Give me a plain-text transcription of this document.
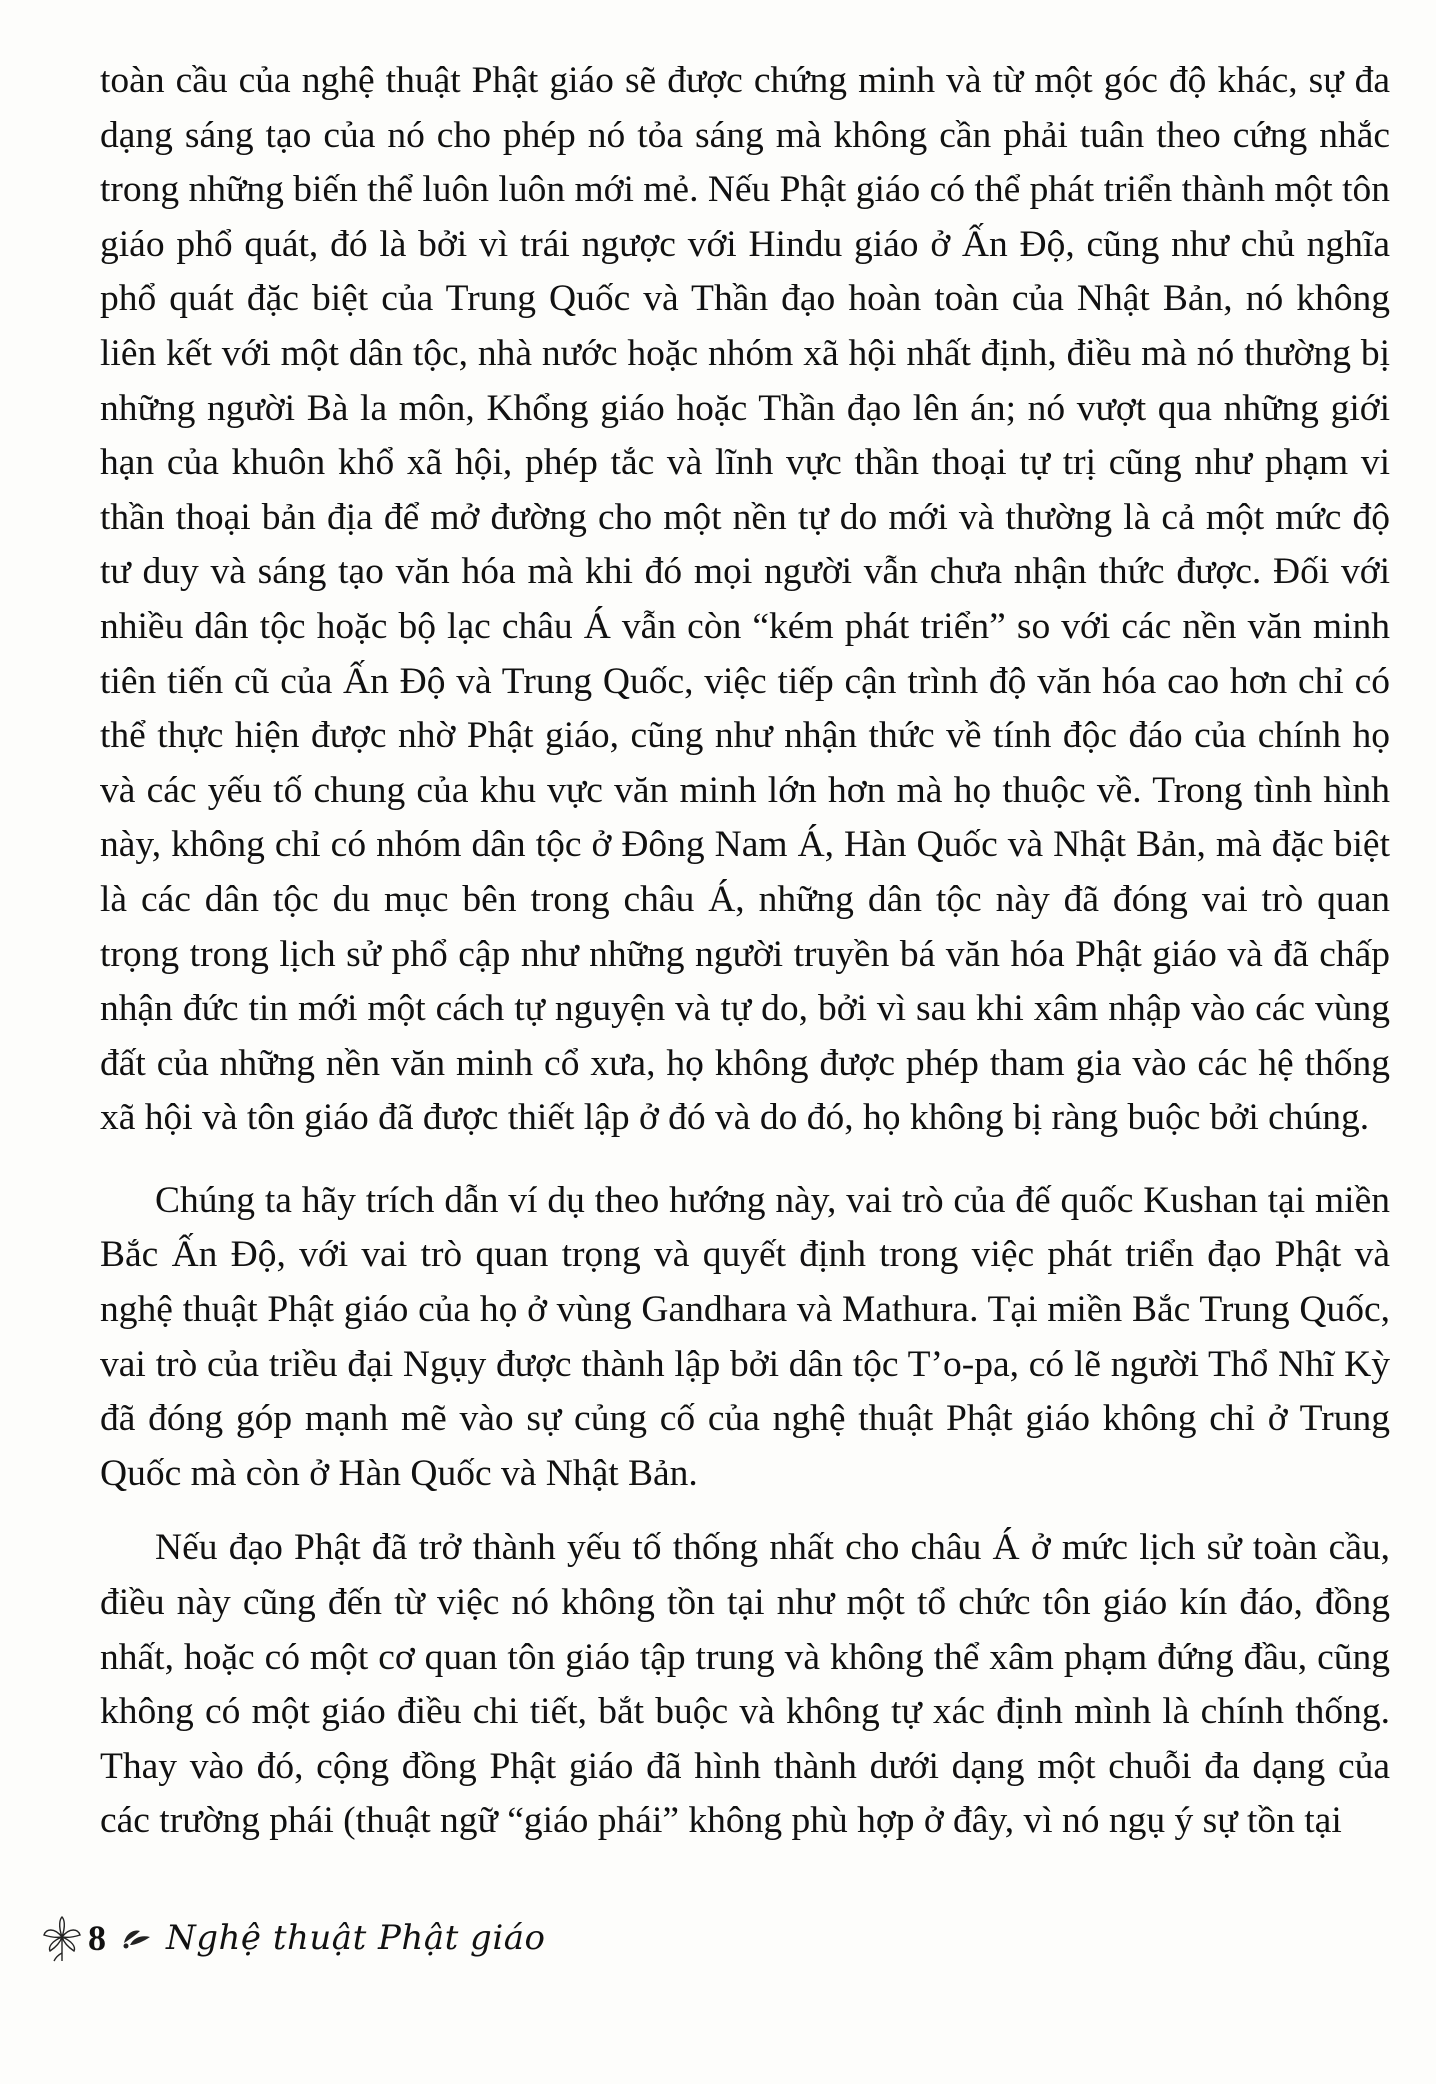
toàn cầu của nghệ thuật Phật giáo sẽ được chứng minh và từ một góc độ khác, sự đa dạng sáng tạo của nó cho phép nó tỏa sáng mà không cần phải tuân theo cứng nhắc trong những biến thể luôn luôn mới mẻ. Nếu Phật giáo có thể phát triển thành một tôn giáo phổ quát, đó là bởi vì trái ngược với Hindu giáo ở Ấn Độ, cũng như chủ nghĩa phổ quát đặc biệt của Trung Quốc và Thần đạo hoàn toàn của Nhật Bản, nó không liên kết với một dân tộc, nhà nước hoặc nhóm xã hội nhất định, điều mà nó thường bị những người Bà la môn, Khổng giáo hoặc Thần đạo lên án; nó vượt qua những giới hạn của khuôn khổ xã hội, phép tắc và lĩnh vực thần thoại tự trị cũng như phạm vi thần thoại bản địa để mở đường cho một nền tự do mới và thường là cả một mức độ tư duy và sáng tạo văn hóa mà khi đó mọi người vẫn chưa nhận thức được. Đối với nhiều dân tộc hoặc bộ lạc châu Á vẫn còn “kém phát triển” so với các nền văn minh tiên tiến cũ của Ấn Độ và Trung Quốc, việc tiếp cận trình độ văn hóa cao hơn chỉ có thể thực hiện được nhờ Phật giáo, cũng như nhận thức về tính độc đáo của chính họ và các yếu tố chung của khu vực văn minh lớn hơn mà họ thuộc về. Trong tình hình này, không chỉ có nhóm dân tộc ở Đông Nam Á, Hàn Quốc và Nhật Bản, mà đặc biệt là các dân tộc du mục bên trong châu Á, những dân tộc này đã đóng vai trò quan trọng trong lịch sử phổ cập như những người truyền bá văn hóa Phật giáo và đã chấp nhận đức tin mới một cách tự nguyện và tự do, bởi vì sau khi xâm nhập vào các vùng đất của những nền văn minh cổ xưa, họ không được phép tham gia vào các hệ thống xã hội và tôn giáo đã được thiết lập ở đó và do đó, họ không bị ràng buộc bởi chúng.

Chúng ta hãy trích dẫn ví dụ theo hướng này, vai trò của đế quốc Kushan tại miền Bắc Ấn Độ, với vai trò quan trọng và quyết định trong việc phát triển đạo Phật và nghệ thuật Phật giáo của họ ở vùng Gandhara và Mathura. Tại miền Bắc Trung Quốc, vai trò của triều đại Ngụy được thành lập bởi dân tộc T’o-pa, có lẽ người Thổ Nhĩ Kỳ đã đóng góp mạnh mẽ vào sự củng cố của nghệ thuật Phật giáo không chỉ ở Trung Quốc mà còn ở Hàn Quốc và Nhật Bản.

Nếu đạo Phật đã trở thành yếu tố thống nhất cho châu Á ở mức lịch sử toàn cầu, điều này cũng đến từ việc nó không tồn tại như một tổ chức tôn giáo kín đáo, đồng nhất, hoặc có một cơ quan tôn giáo tập trung và không thể xâm phạm đứng đầu, cũng không có một giáo điều chi tiết, bắt buộc và không tự xác định mình là chính thống. Thay vào đó, cộng đồng Phật giáo đã hình thành dưới dạng một chuỗi đa dạng của các trường phái (thuật ngữ “giáo phái” không phù hợp ở đây, vì nó ngụ ý sự tồn tại

8 Nghệ thuật Phật giáo
